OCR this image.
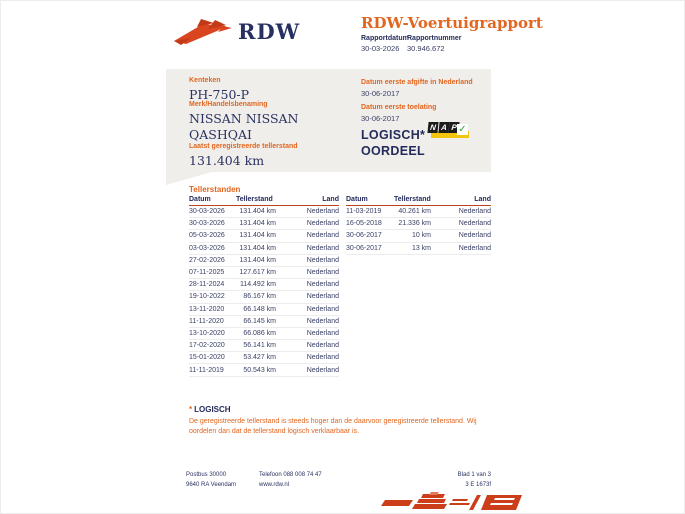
RDW	RDW-Voertuigrapport
Rapportdatum
30-03-2026
Rapportnummer
30.946.672
Kenteken
PH-750-P
Merk/Handelsbenaming
NISSAN NISSAN QASHQAI
Laatst geregistreerde tellerstand
131.404 km
Datum eerste afgifte in Nederland
30-06-2017
Datum eerste toelating
30-06-2017
LOGISCH*
OORDEEL
N A P ✓
Tellerstanden
Datum	Tellerstand	Land
30-03-2026	131.404 km	Nederland
30-03-2026	131.404 km	Nederland
05-03-2026	131.404 km	Nederland
03-03-2026	131.404 km	Nederland
27-02-2026	131.404 km	Nederland
07-11-2025	127.617 km	Nederland
28-11-2024	114.492 km	Nederland
19-10-2022	86.167 km	Nederland
13-11-2020	66.148 km	Nederland
11-11-2020	66.145 km	Nederland
13-10-2020	66.086 km	Nederland
17-02-2020	56.141 km	Nederland
15-01-2020	53.427 km	Nederland
11-11-2019	50.543 km	Nederland
Datum	Tellerstand	Land
11-03-2019	40.261 km	Nederland
16-05-2018	21.336 km	Nederland
30-06-2017	10 km	Nederland
30-06-2017	13 km	Nederland
* LOGISCH
De geregistreerde tellerstand is steeds hoger dan de daarvoor geregistreerde tellerstand. Wij oordelen dan dat de tellerstand logisch verklaarbaar is.
Postbus 30000
9640 RA Veendam
Telefoon 088 008 74 47
www.rdw.nl
Blad 1 van 3
3 E 1673f
